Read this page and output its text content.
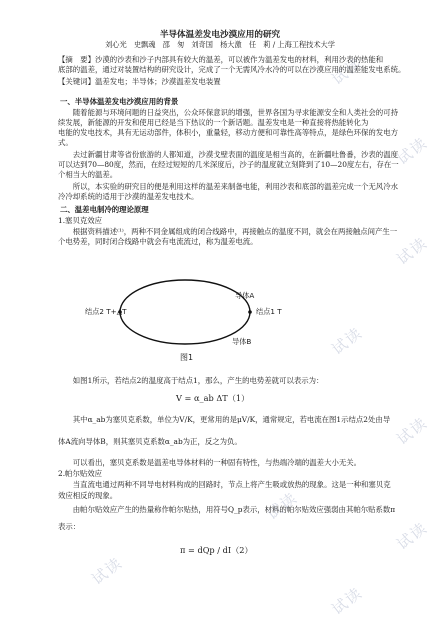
试读
试读
试读
试读
试读
试读
试读
试读
试读
半导体温差发电沙漠应用的研究
刘心光　史飘魂　邵　匆　刘奇国　杨大激　任　莉 / 上海工程技术大学
【摘　要】沙漠的沙表和沙子内部具有较大的温差，可以被作为温差发电的材料，利用沙表的热能和
底部的温差，通过对装置结构的研究设计，完成了一个无需风冷水冷的可以在沙漠应用的温差能发电系统。
【关键词】温差发电；半导体；沙漠温差发电装置
一、半导体温差发电沙漠应用的背景
　　随着能源与环境问题的日益突出，公众环保意识的增强，世界各国为寻求能源安全和人类社会的可持
续发展，新能源的开发和使用已经是当下热议的一个新话题。温差发电是一种直接将热能转化为
电能的发电技术，具有无运动部件，体积小，重量轻，移动方便和可靠性高等特点，是绿色环保的发电方
式。
　　去过新疆甘肃等省份旅游的人都知道，沙漠戈壁表面的温度是相当高的，在新疆吐鲁番，沙表的温度
可以达到70—80度，然而，在经过短短的几米深度后，沙子的温度就立刻降到了10—20度左右，存在一
个相当大的温差。
　　所以，本实验的研究目的便是利用这样的温差来制备电能，利用沙表和底部的温差完成一个无风冷水
冷冷却系统的适用于沙漠的温差发电技术。
二、温差电制冷的理论原理
1.塞贝克效应
　　根据资料描述⁽¹⁾，两种不同金属组成的闭合线路中，再接触点的温度不同，就会在两接触点间产生一
个电势差，同时闭合线路中就会有电流流过，称为温差电流。
结点2 T+△T	结点1 T
导体A
导体B
图1
　　如图1所示，若结点2的温度高于结点1，那么，产生的电势差就可以表示为：
V = α_ab ΔT（1）
　　其中α_ab为塞贝克系数，单位为V/K，更常用的是μV/K，通常规定，若电流在图1示结点2处由导
体A流向导体B，则其塞贝克系数α_ab为正，反之为负。
　　可以看出，塞贝克系数是温差电导体材料的一种固有特性，与热端冷端的温差大小无关。
2.帕尔贴效应
　　当直流电通过两种不同导电材料构成的回路时，节点上将产生吸或放热的现象。这是一种和塞贝克
效应相反的现象。
　　由帕尔贴效应产生的热量称作帕尔贴热，用符号Q_p表示，材料的帕尔贴效应强弱由其帕尔贴系数π
表示：
π = dQp / dI（2）
